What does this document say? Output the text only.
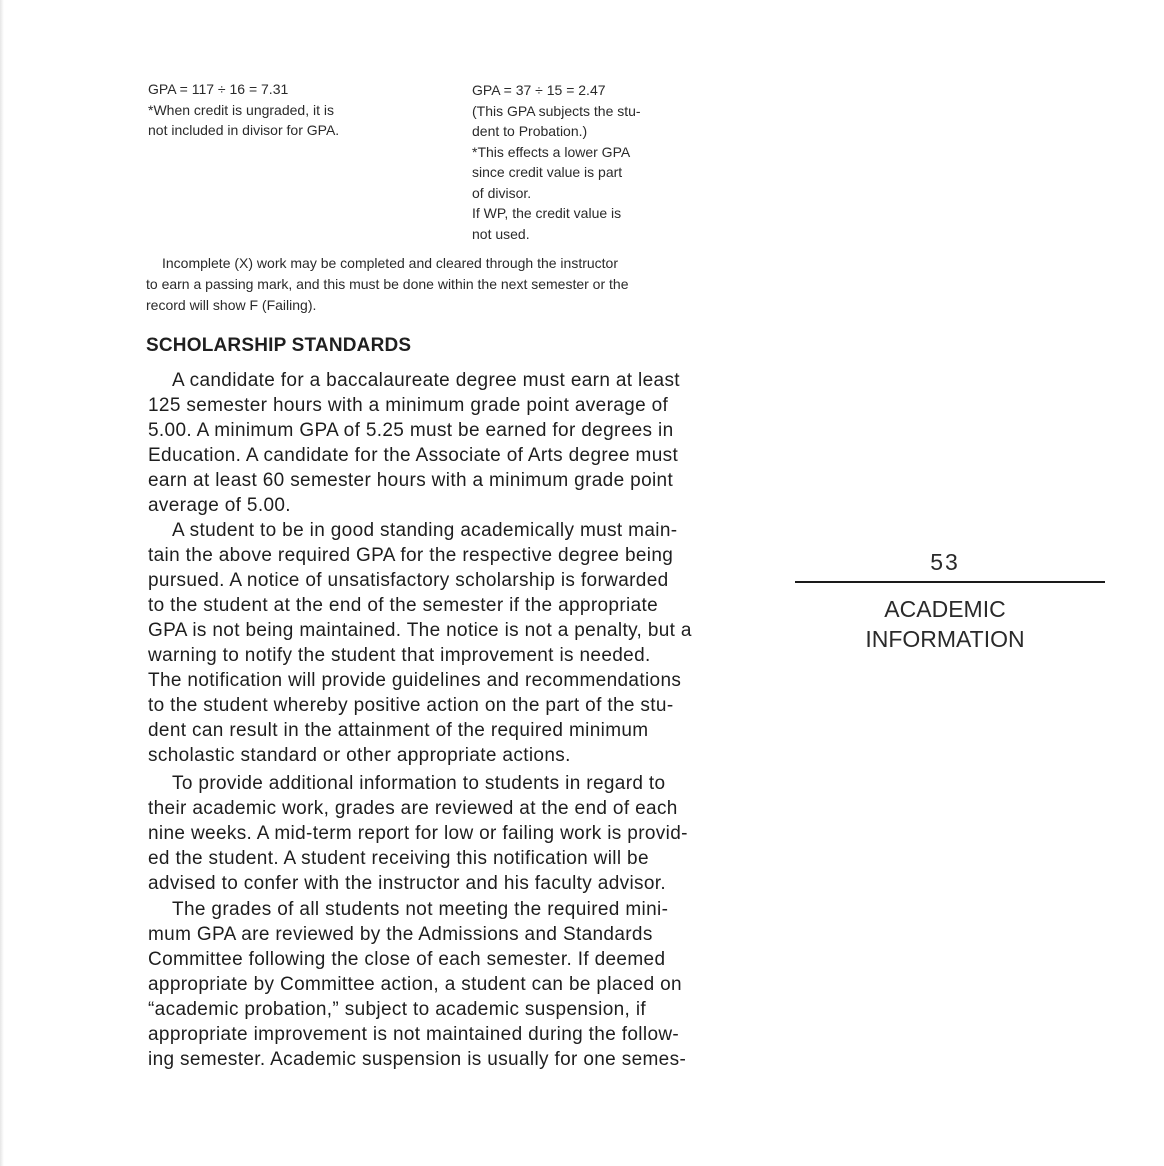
GPA = 117 ÷ 16 = 7.31
*When credit is ungraded, it is
not included in divisor for GPA.
GPA = 37 ÷ 15 = 2.47
(This GPA subjects the stu-
dent to Probation.)
*This effects a lower GPA
since credit value is part
of divisor.
If WP, the credit value is
not used.

Incomplete (X) work may be completed and cleared through the instructor
to earn a passing mark, and this must be done within the next semester or the
record will show F (Failing).

SCHOLARSHIP STANDARDS

A candidate for a baccalaureate degree must earn at least
125 semester hours with a minimum grade point average of
5.00. A minimum GPA of 5.25 must be earned for degrees in
Education. A candidate for the Associate of Arts degree must
earn at least 60 semester hours with a minimum grade point
average of 5.00.

A student to be in good standing academically must main-
tain the above required GPA for the respective degree being
pursued. A notice of unsatisfactory scholarship is forwarded
to the student at the end of the semester if the appropriate
GPA is not being maintained. The notice is not a penalty, but a
warning to notify the student that improvement is needed.
The notification will provide guidelines and recommendations
to the student whereby positive action on the part of the stu-
dent can result in the attainment of the required minimum
scholastic standard or other appropriate actions.

To provide additional information to students in regard to
their academic work, grades are reviewed at the end of each
nine weeks. A mid-term report for low or failing work is provid-
ed the student. A student receiving this notification will be
advised to confer with the instructor and his faculty advisor.

The grades of all students not meeting the required mini-
mum GPA are reviewed by the Admissions and Standards
Committee following the close of each semester. If deemed
appropriate by Committee action, a student can be placed on
“academic probation,” subject to academic suspension, if
appropriate improvement is not maintained during the follow-
ing semester. Academic suspension is usually for one semes-

53
ACADEMIC
INFORMATION
